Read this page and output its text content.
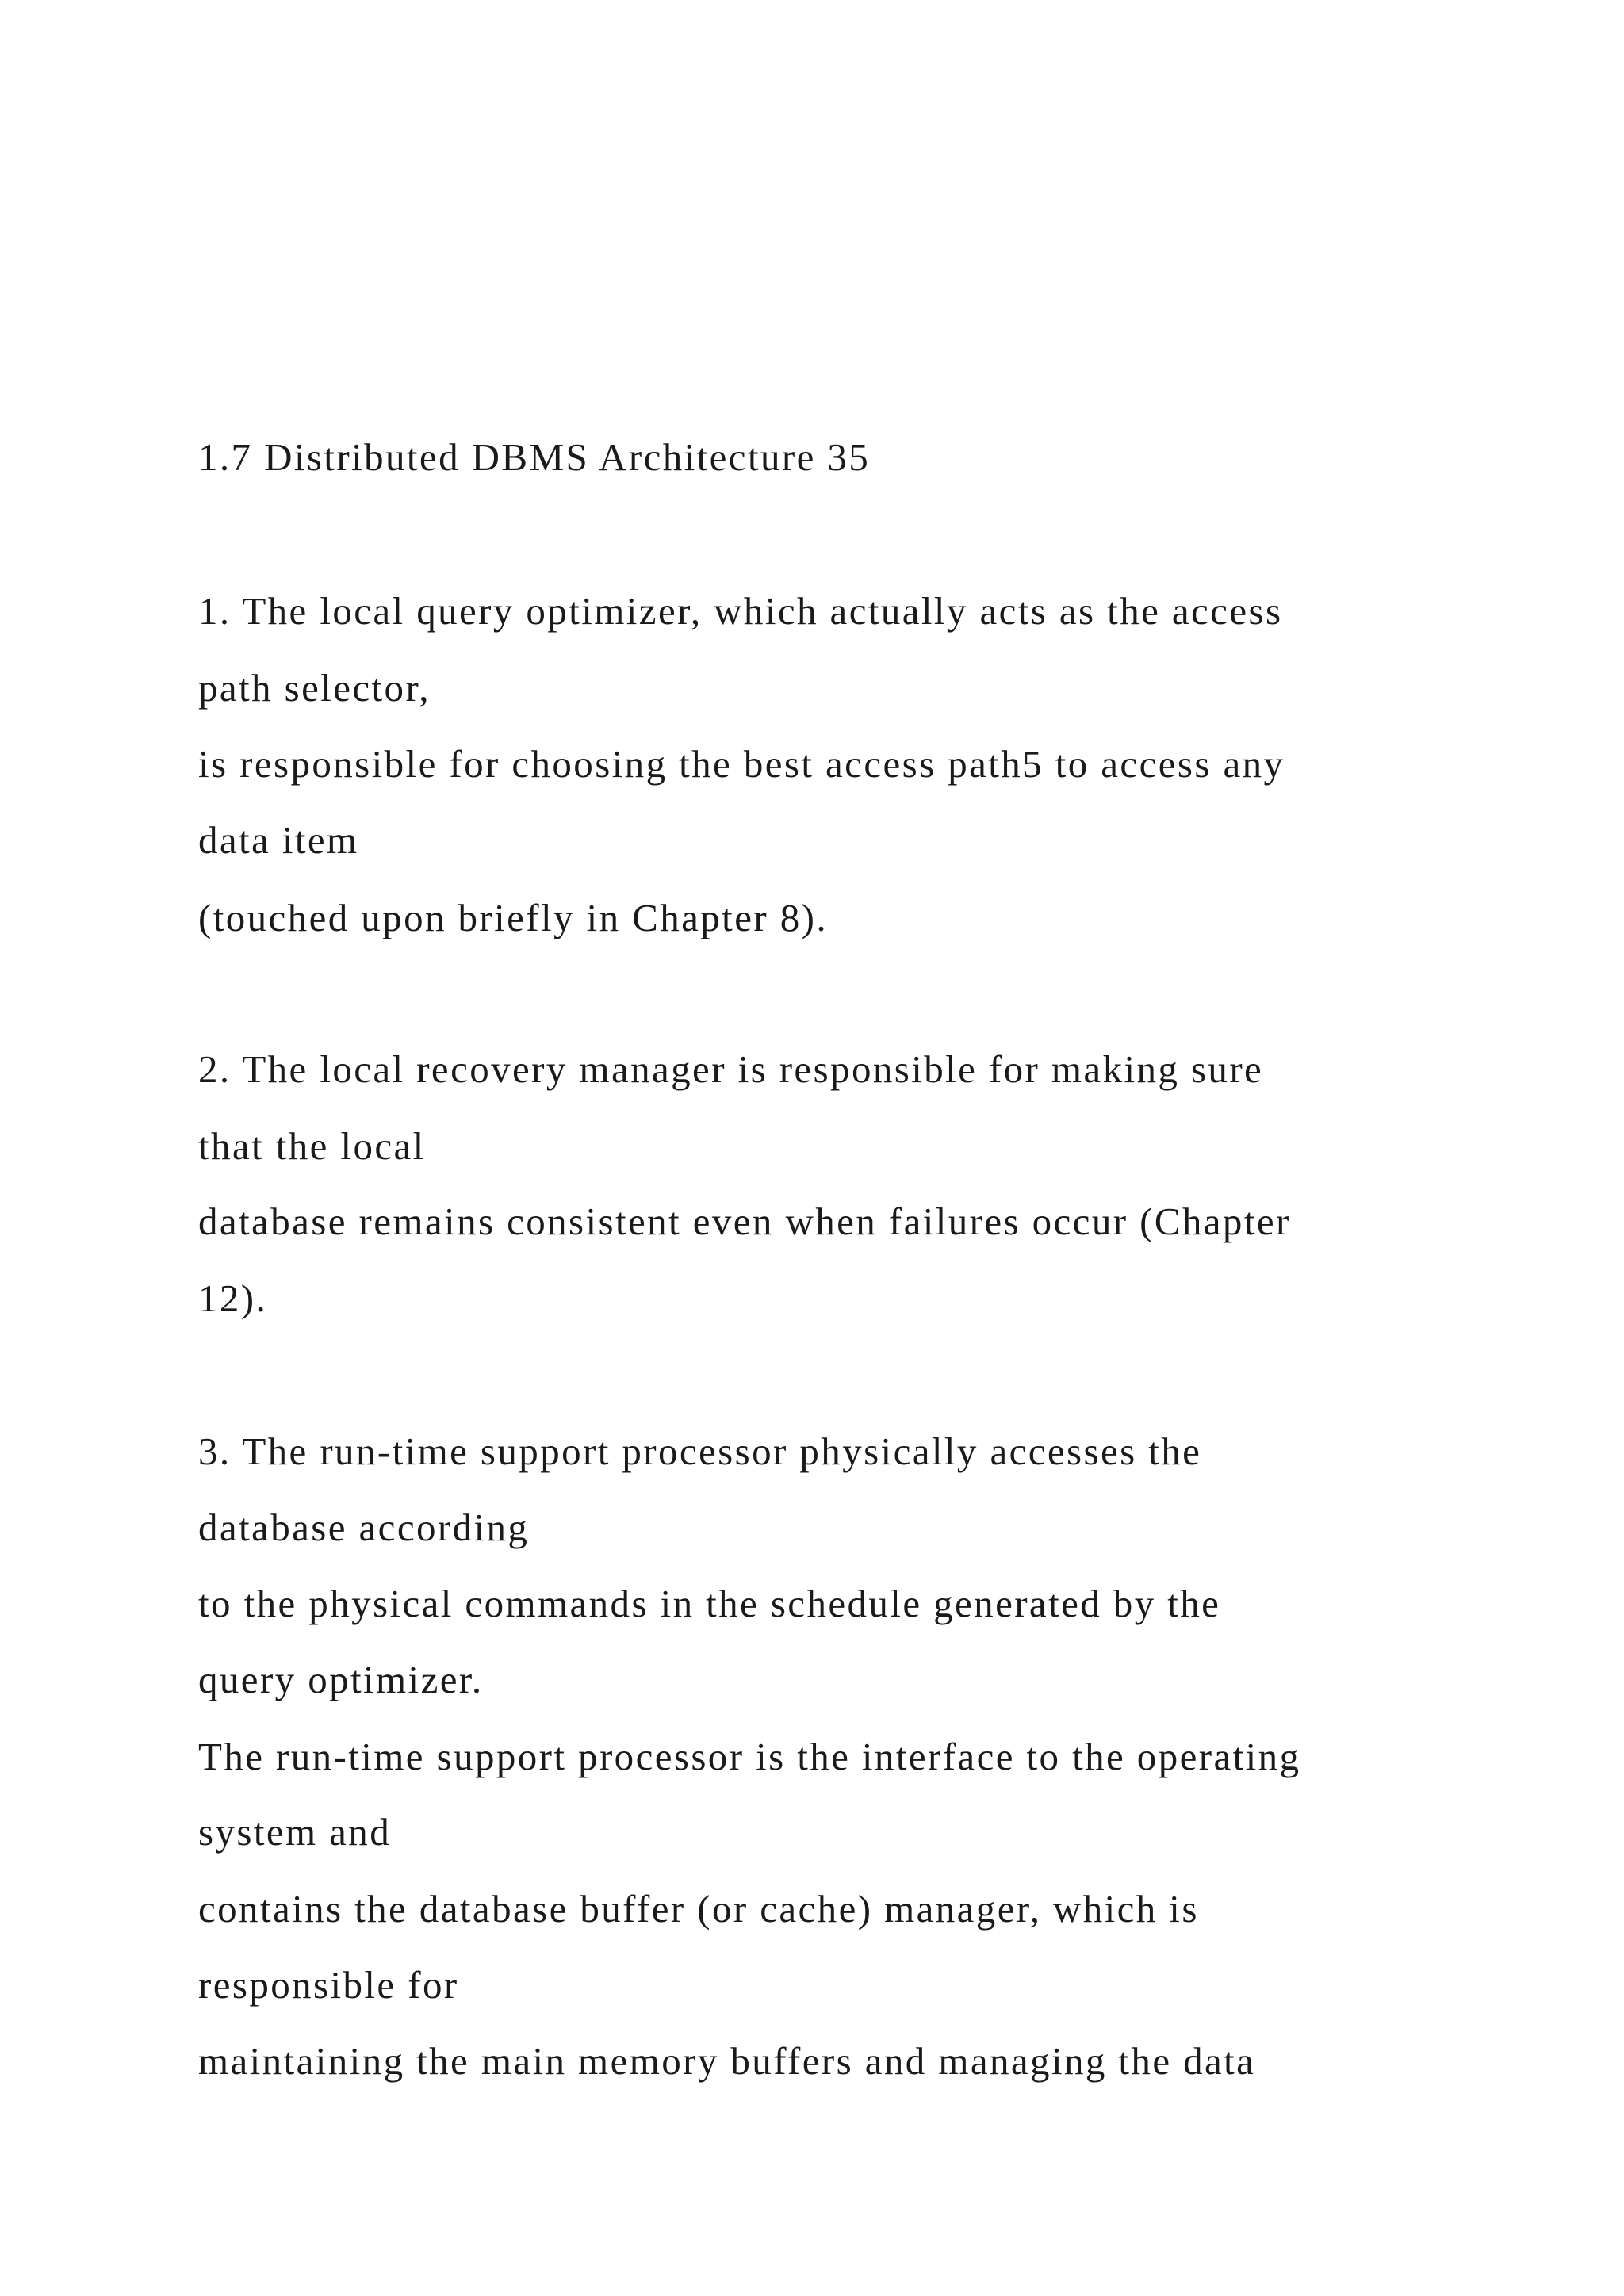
1.7 Distributed DBMS Architecture 35
1. The local query optimizer, which actually acts as the access
path selector,
is responsible for choosing the best access path5 to access any
data item
(touched upon briefly in Chapter 8).
2. The local recovery manager is responsible for making sure
that the local
database remains consistent even when failures occur (Chapter
12).
3. The run-time support processor physically accesses the
database according
to the physical commands in the schedule generated by the
query optimizer.
The run-time support processor is the interface to the operating
system and
contains the database buffer (or cache) manager, which is
responsible for
maintaining the main memory buffers and managing the data
